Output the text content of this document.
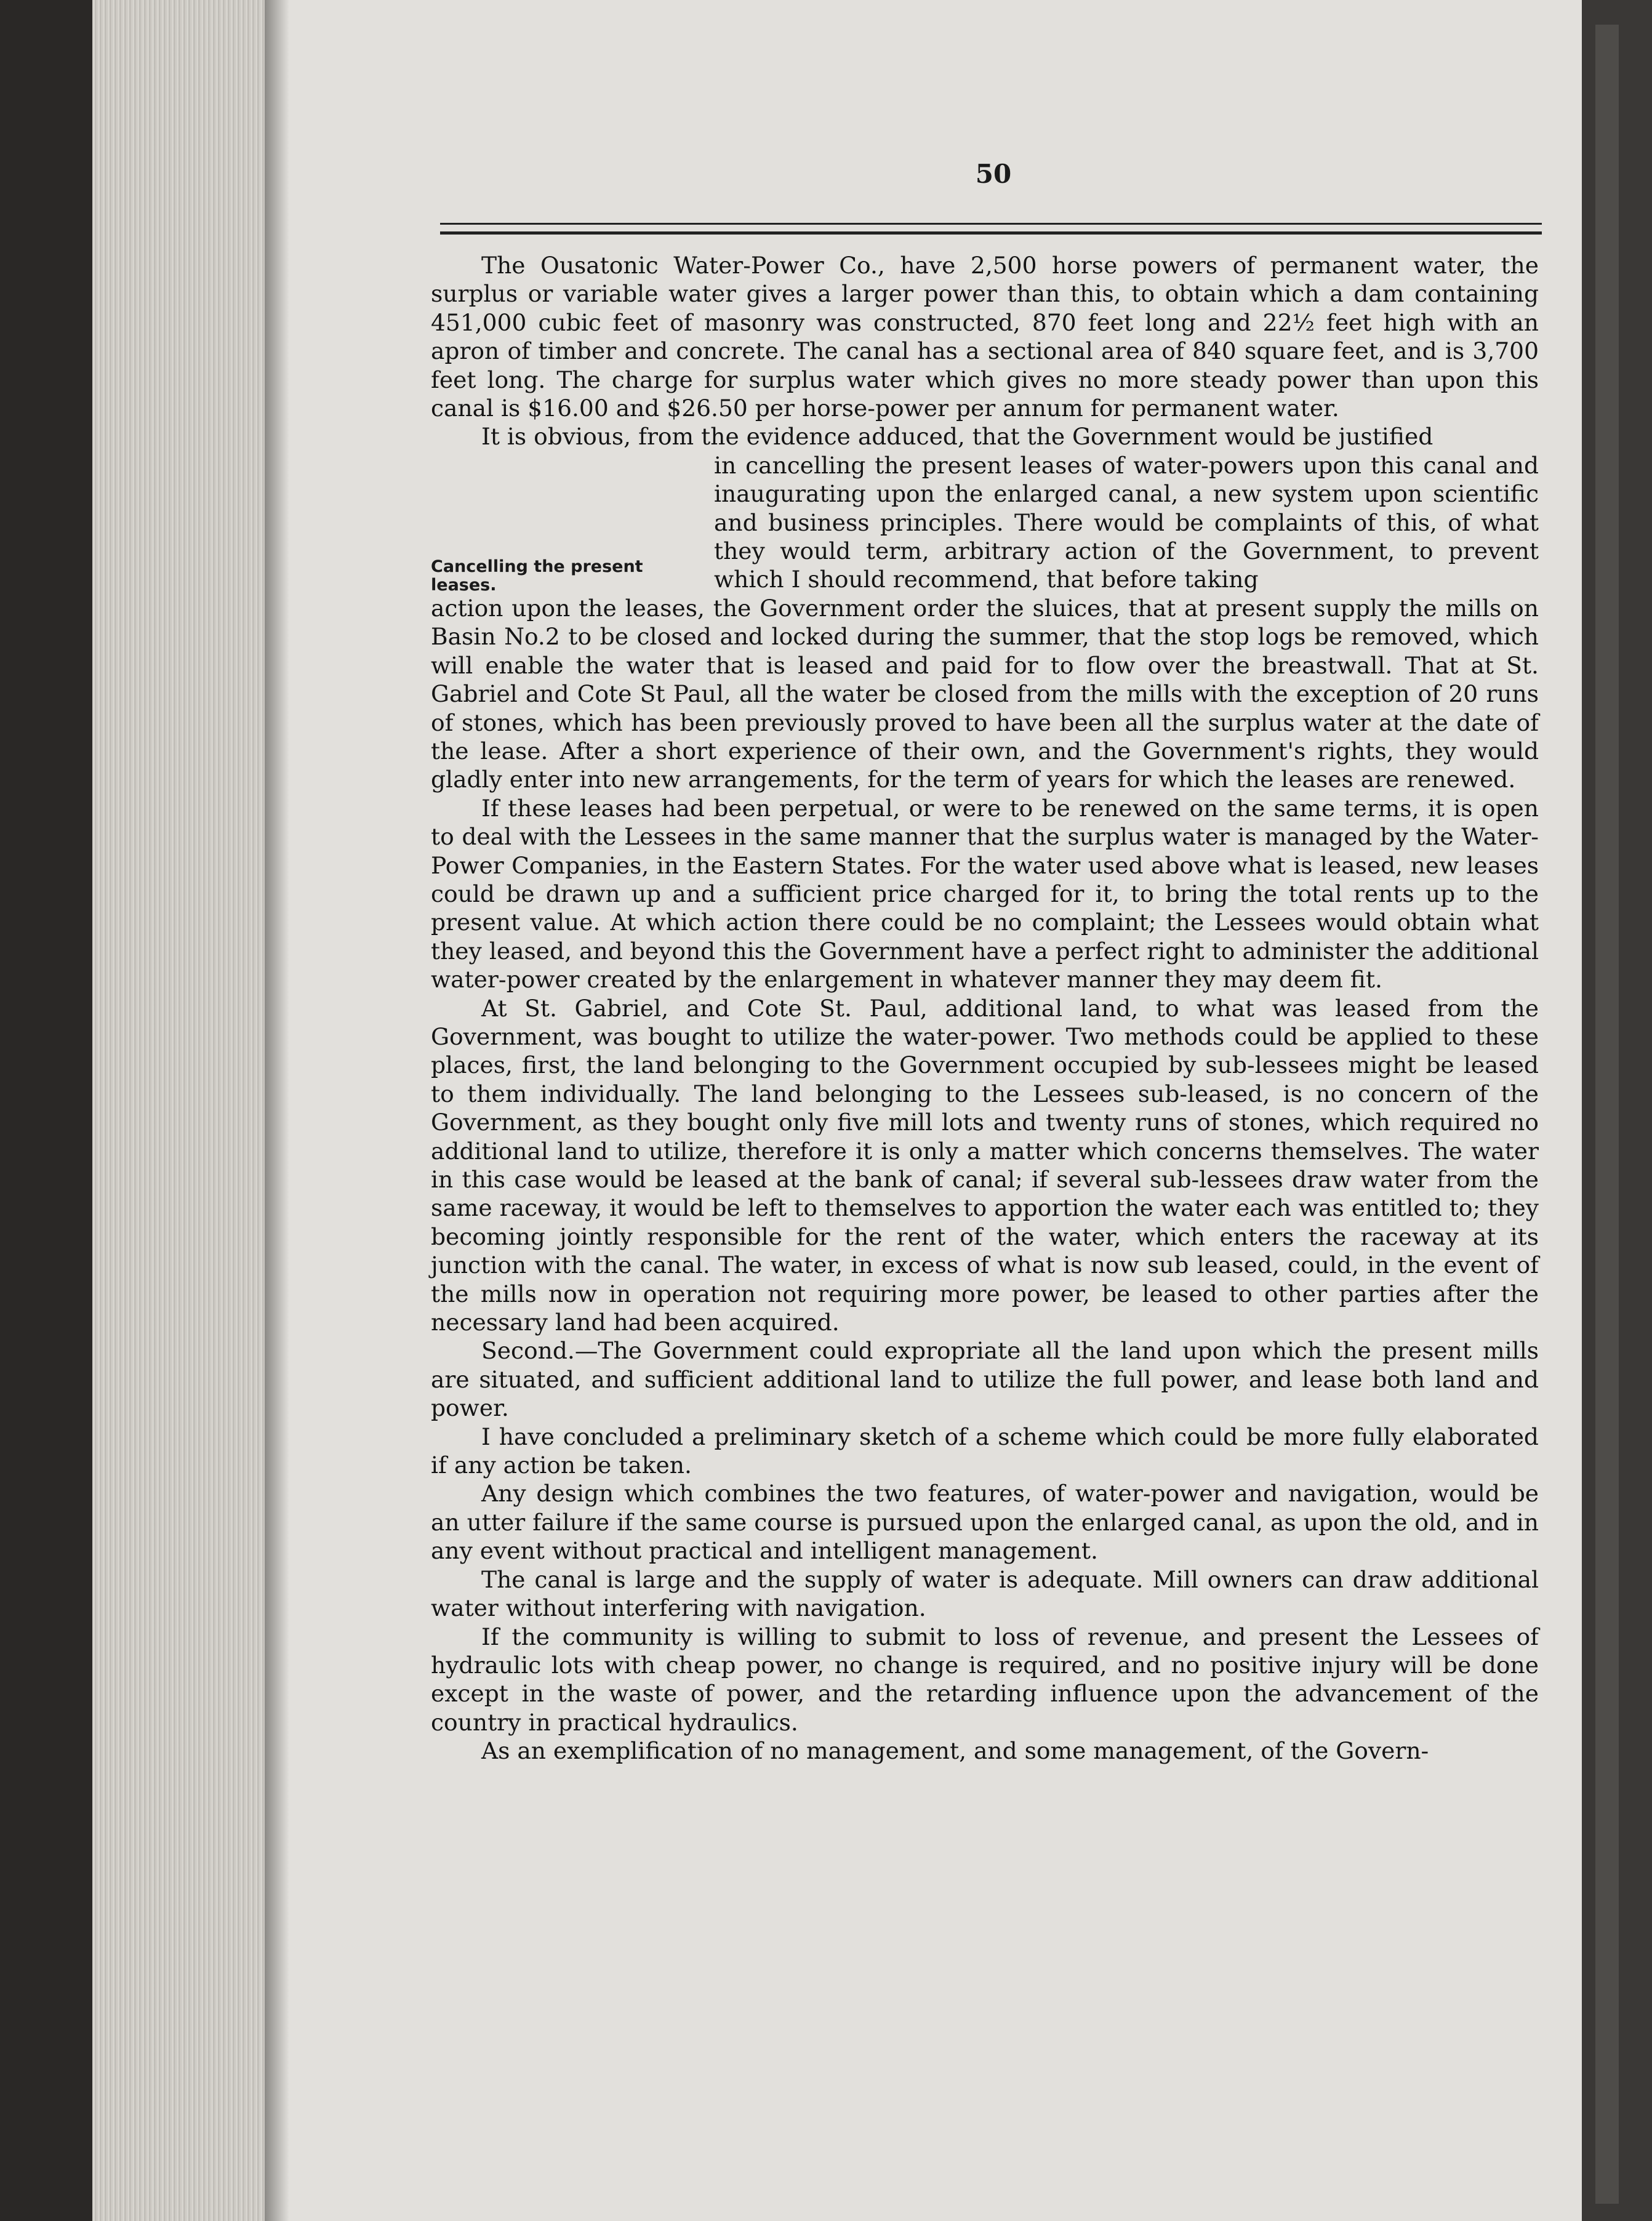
50
Cancelling the present leases.

The Ousatonic Water-Power Co., have 2,500 horse powers of permanent water, the surplus or variable water gives a larger power than this, to obtain which a dam containing 451,000 cubic feet of masonry was constructed, 870 feet long and 22½ feet high with an apron of timber and concrete. The canal has a sectional area of 840 square feet, and is 3,700 feet long. The charge for surplus water which gives no more steady power than upon this canal is $16.00 and $26.50 per horse-power per annum for permanent water.

It is obvious, from the evidence adduced, that the Government would be justified

in cancelling the present leases of water-powers upon this canal and inaugurating upon the enlarged canal, a new system upon scientific and business principles. There would be complaints of this, of what they would term, arbitrary action of the Government, to prevent which I should recommend, that before taking

action upon the leases, the Government order the sluices, that at present supply the mills on Basin No.2 to be closed and locked during the summer, that the stop logs be removed, which will enable the water that is leased and paid for to flow over the breastwall. That at St. Gabriel and Cote St Paul, all the water be closed from the mills with the exception of 20 runs of stones, which has been previously proved to have been all the surplus water at the date of the lease. After a short experience of their own, and the Government's rights, they would gladly enter into new arrangements, for the term of years for which the leases are renewed.

If these leases had been perpetual, or were to be renewed on the same terms, it is open to deal with the Lessees in the same manner that the surplus water is managed by the Water-Power Companies, in the Eastern States. For the water used above what is leased, new leases could be drawn up and a sufficient price charged for it, to bring the total rents up to the present value. At which action there could be no complaint; the Lessees would obtain what they leased, and beyond this the Government have a perfect right to administer the additional water-power created by the enlargement in whatever manner they may deem fit.

At St. Gabriel, and Cote St. Paul, additional land, to what was leased from the Government, was bought to utilize the water-power. Two methods could be applied to these places, first, the land belonging to the Government occupied by sub-lessees might be leased to them individually. The land belonging to the Lessees sub-leased, is no concern of the Government, as they bought only five mill lots and twenty runs of stones, which required no additional land to utilize, therefore it is only a matter which concerns themselves. The water in this case would be leased at the bank of canal; if several sub-lessees draw water from the same raceway, it would be left to themselves to apportion the water each was entitled to; they becoming jointly responsible for the rent of the water, which enters the raceway at its junction with the canal. The water, in excess of what is now sub leased, could, in the event of the mills now in operation not requiring more power, be leased to other parties after the necessary land had been acquired.

Second.—The Government could expropriate all the land upon which the present mills are situated, and sufficient additional land to utilize the full power, and lease both land and power.

I have concluded a preliminary sketch of a scheme which could be more fully elaborated if any action be taken.

Any design which combines the two features, of water-power and navigation, would be an utter failure if the same course is pursued upon the enlarged canal, as upon the old, and in any event without practical and intelligent management.

The canal is large and the supply of water is adequate. Mill owners can draw additional water without interfering with navigation.

If the community is willing to submit to loss of revenue, and present the Lessees of hydraulic lots with cheap power, no change is required, and no positive injury will be done except in the waste of power, and the retarding influence upon the advancement of the country in practical hydraulics.

As an exemplification of no management, and some management, of the Govern-
